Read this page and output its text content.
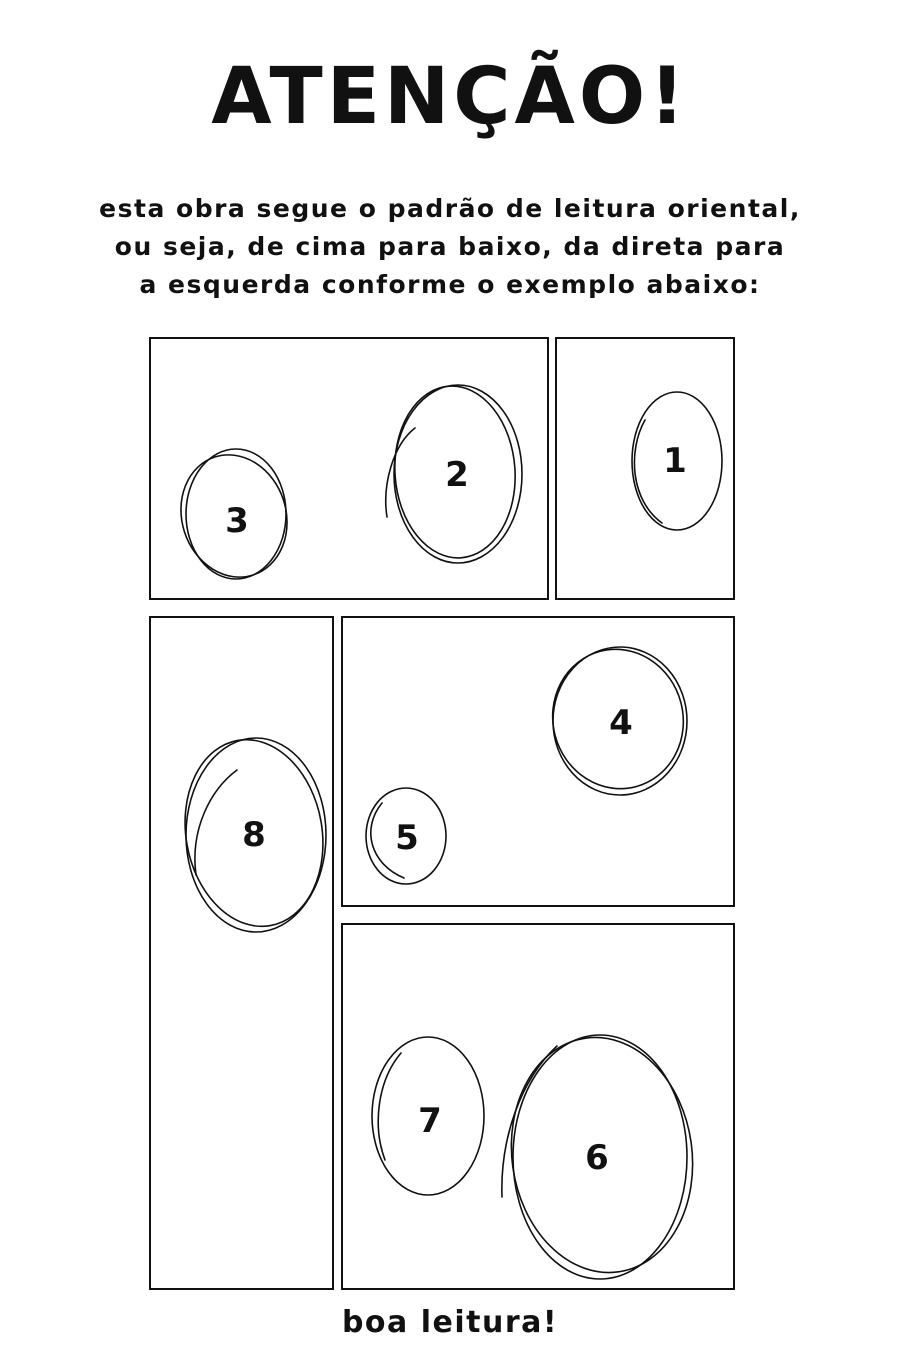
ATENÇÃO!
esta obra segue o padrão de leitura oriental,
ou seja, de cima para baixo, da direta para
a esquerda conforme o exemplo abaixo:
1
2
3
4
5
6
7
8
boa leitura!
